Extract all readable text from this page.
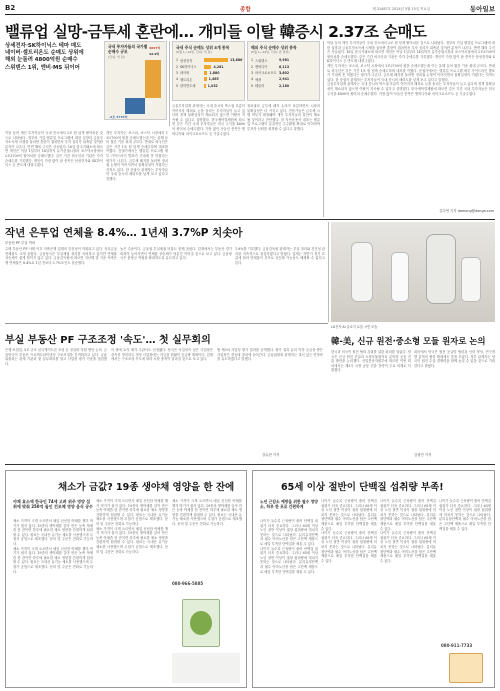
B2	종합	제 31487호 2024년 5월 15일 목요일	동아일보
밸류업 실망-금투세 혼란에… 개미들 이탈 韓증시 2.37조 순매도
상세전자·SK하이닉스 테마 매도
네이버·셀트리온도 순매도 상위에
해외 눈돌려 4800억원 순매수
스위덴스 1위, 엔비·MS 뒤이어
국내 투자자들의 국가별 순매수 규모
(단위: 억 원)
4837억
42.9억
2조
-2조 3735억
국내 주식 순매도 상위 5개 종목
(5월 1~14일, 단위: 억 원)
1 삼성전자	13,886
2 SK하이닉스	4,281
3 네이버	1,880
4 셀트리온	1,465
5 한미반도체	1,032
해외 주식 순매수 상위 종목
(5월 1~14일, 단위: 만 달러)
1 스위덴스	9,981
2 엔비디아	6,113
3 마이크로소프트 3,802
4 애플	2,941
5 테슬라	2,180

이달 들어 개인 투자자들이 국내 증시에서 2조 원 넘게 팔아치운 것으로 나타났다. 정부의 기업 밸류업 프로그램에 대한 실망과 금융투자소득세 시행을 둘러싼 혼란이 겹치면서 투자 심리가 위축된 것이란 분석이 나온다. 반면 해외 주식은 사들였다. 16일 한국거래소에 따르면 개인은 이달 1일부터 14일까지 유가증권시장과 코스닥시장에서 2조3700억 원어치를 순매도했다. 같은 기간 외국인과 기관은 각각 순매수를 기록했다. 개인이 가장 많이 판 종목은 삼성전자와 SK하이닉스 등 반도체 대형주였다.

개인 투자자는 코스피, 코스닥 시장에서 1조2700억 원을 순매도했는데 이는 올해 들어 월간 기준 최대 규모다. 반대로 외국인은 같은 기간 1조 원 넘게 순매수하며 대조를 이뤘다. 증권가에서는 밸류업 프로그램 세부 가이드라인 발표가 기대에 못 미쳤다는 평가가 나온다. 금투세 폐지를 둘러싼 정치권 논쟁이 이어지면서 불확실성이 커졌다는 지적도 있다. 한 증권사 관계자는 투자자들이 국내 증시의 매력도를 낮게 보고 있다고 말했다.

금융투자업계 관계자는 국내 증시의 박스권 흐름이 이어지자 해외로 눈을 돌리는 투자자들이 늘고 있다며 정책 불확실성이 해소되지 않으면 이탈이 지속될 수 있다고 설명했다. 한국예탁결제원에 따르면 같은 기간 국내 투자자들은 미국 주식을 4800억 원어치 순매수했다. 가장 많이 사들인 종목은 엔비디아와 마이크로소프트 등 기술주였다.

정치권의 금투세 폐지 논의가 표류하면서 시장의 불확실성은 더 커지고 있다. 전문가들은 금투세 시행 여부가 확정돼야 개인 투자자들의 불안이 해소될 것이라고 진단했다. 한 자산운용사 대표는 밸류업 프로그램이 실질적인 주주환원 확대로 이어져야 투자자 신뢰를 회복할 수 있다고 말했다.

이달 들어 개인 투자자들이 국내 증시에서 2조 원 넘게 팔아치운 것으로 나타났다. 정부의 기업 밸류업 프로그램에 대한 실망과 금융투자소득세 시행을 둘러싼 혼란이 겹치면서 투자 심리가 위축된 것이란 분석이 나온다. 반면 해외 주식은 사들였다. 16일 한국거래소에 따르면 개인은 이달 1일부터 14일까지 유가증권시장과 코스닥시장에서 2조3700억 원어치를 순매도했다. 같은 기간 외국인과 기관은 각각 순매수를 기록했다. 개인이 가장 많이 판 종목은 삼성전자와 SK하이닉스 등 반도체 대형주였다.

개인 투자자는 코스피, 코스닥 시장에서 1조2700억 원을 순매도했는데 이는 올해 들어 월간 기준 최대 규모다. 반대로 외국인은 같은 기간 1조 원 넘게 순매수하며 대조를 이뤘다. 증권가에서는 밸류업 프로그램 세부 가이드라인 발표가 기대에 못 미쳤다는 평가가 나온다. 금투세 폐지를 둘러싼 정치권 논쟁이 이어지면서 불확실성이 커졌다는 지적도 있다. 한 증권사 관계자는 투자자들이 국내 증시의 매력도를 낮게 보고 있다고 말했다.

금융투자업계 관계자는 국내 증시의 박스권 흐름이 이어지자 해외로 눈을 돌리는 투자자들이 늘고 있다며 정책 불확실성이 해소되지 않으면 이탈이 지속될 수 있다고 설명했다. 한국예탁결제원에 따르면 같은 기간 국내 투자자들은 미국 주식을 4800억 원어치 순매수했다. 가장 많이 사들인 종목은 엔비디아와 마이크로소프트 등 기술주였다.

김다연 기자 damong@donga.com
작년 은투업 연체율 8.4%… 1년새 3.7%P 치솟아
부동산 PF 부실 여파

주택 부동산 PF 사태 이후 저축은행 업계의 건전성이 악화되고 있다. 상호금융 연체율도 크게 올랐다. 금융당국은 부실채권 정리를 독려하고 있지만 연체율 상승세가 쉽게 꺾이지 않고 있다. 금융감독원에 따르면 지난해 말 기준 저축은행 연체율은 8.4%로 1년 전보다 3.7%포인트 상승했다.

높은 수준이다. 금융권 부실채권 비율도 함께 올랐다. 업계에서는 부동산 경기 회복이 늦어지면서 연체율 상승세가 당분간 이어질 것으로 보고 있다. 금융당국은 충당금 적립을 확대하도록 유도하고 있다.

1.8%를 기록했다. 금융감독원 관계자는 부실 정리와 건전성 관리를 지속적으로 점검하겠다고 밝혔다. 업계는 하반기 경기 흐름에 따라 연체율이 추가로 상승할 가능성도 배제할 수 없다고 본다.

LG전자 AI 클로이 로봇 시연 모습
부실 부동산 PF 구조조정 '속도'… 첫 실무회의

은행·보험업, 5조 규모 신디케이트론 조성 등 정상화 지원 방안 논의. 금융당국이 부동산 프로젝트파이낸싱 구조조정을 본격화하고 있다. 금융위원회는 관계 기관과 첫 실무회의를 열고 사업성 평가 기준을 점검했다.

이 밖에 토지 매각 주관사도 선정됐다. 당국은 사업성이 낮은 사업장은 신속히 정리하고 정상 사업장에는 자금을 원활히 공급할 계획이다. 업계에서는 구조조정 속도에 따라 시장 충격이 달라질 것으로 보고 있다.

협 제3차 사업성 평가 결과를 공개했다. 평가 결과 유의 이하 등급을 받은 사업장은 경공매 절차에 들어간다. 금융위원회 관계자는 질서 있는 연착륙을 유도하겠다고 말했다.

강유현 기자
韓-美, 신규 원전·중소형 모듈 원자로 논의

한국과 미국이 원전 협력 강화를 위한 회의를 열었다. 양국은 신규 원전 건설과 소형모듈원자로 분야의 공동 진출 방안을 논의했다. 산업통상자원부에 따르면 이번 회의에서는 제3국 시장 공동 진출 전략이 주요 의제로 다뤄졌다.

회의에서 양국은 원전 공급망 협력과 인력 양성, 연구개발 분야의 협력 확대에도 뜻을 모았다. 정부 관계자는 양국이 원전 수출 경쟁력을 함께 높일 수 있을 것으로 기대한다고 밝혔다.

김형민 기자
채소가 금값? 19종 생야채 영양을 한 잔에
야채 효소액 한국인 74세 고려 위주 영양 섭취에 맞춰 250억 들인 건조체 영양 음식 공수

채소 가격이 크게 오르면서 매일 신선한 야채를 챙겨 먹기가 쉽지 않다. 19종의 생야채를 갈아 만든 농축 야채즙 한 잔이면 하루에 필요한 채소 영양을 간편하게 섭취할 수 있다. 원료는 국내산 유기농 채소를 사용했으며 무첨가 공법으로 제조했다. 문의 및 주문은 전화로 가능하다.

채소 가격이 크게 오르면서 매일 신선한 야채를 챙겨 먹기가 쉽지 않다. 19종의 생야채를 갈아 만든 농축 야채즙 한 잔이면 하루에 필요한 채소 영양을 간편하게 섭취할 수 있다. 원료는 국내산 유기농 채소를 사용했으며 무첨가 공법으로 제조했다. 문의 및 주문은 전화로 가능하다.

채소 가격이 크게 오르면서 매일 신선한 야채를 챙겨 먹기가 쉽지 않다. 19종의 생야채를 갈아 만든 농축 야채즙 한 잔이면 하루에 필요한 채소 영양을 간편하게 섭취할 수 있다. 원료는 국내산 유기농 채소를 사용했으며 무첨가 공법으로 제조했다. 문의 및 주문은 전화로 가능하다.

채소 가격이 크게 오르면서 매일 신선한 야채를 챙겨 먹기가 쉽지 않다. 19종의 생야채를 갈아 만든 농축 야채즙 한 잔이면 하루에 필요한 채소 영양을 간편하게 섭취할 수 있다. 원료는 국내산 유기농 채소를 사용했으며 무첨가 공법으로 제조했다. 문의 및 주문은 전화로 가능하다.

채소 가격이 크게 오르면서 매일 신선한 야채를 챙겨 먹기가 쉽지 않다. 19종의 생야채를 갈아 만든 농축 야채즙 한 잔이면 하루에 필요한 채소 영양을 간편하게 섭취할 수 있다. 원료는 국내산 유기농 채소를 사용했으며 무첨가 공법으로 제조했다. 문의 및 주문은 전화로 가능하다.

080-966-5885
65세 이상 절반이 단백질 섭취량 부족!
노년 근감소 예방을 위한 필수 영양소, 하루 한 포로 간편하게

나이가 들수록 근육량이 줄어 단백질 섭취가 더욱 중요하다. 그러나 65세 이상 노인 절반 이상이 권장 섭취량에 미치지 못하는 것으로 나타났다. 분리유청단백과 필수 아미노산을 담은 고단백 제품으로 매일 부족한 단백질을 채울 수 있다.

나이가 들수록 근육량이 줄어 단백질 섭취가 더욱 중요하다. 그러나 65세 이상 노인 절반 이상이 권장 섭취량에 미치지 못하는 것으로 나타났다. 분리유청단백과 필수 아미노산을 담은 고단백 제품으로 매일 부족한 단백질을 채울 수 있다.

나이가 들수록 근육량이 줄어 단백질 섭취가 더욱 중요하다. 그러나 65세 이상 노인 절반 이상이 권장 섭취량에 미치지 못하는 것으로 나타났다. 분리유청단백과 필수 아미노산을 담은 고단백 제품으로 매일 부족한 단백질을 채울 수 있다.

나이가 들수록 근육량이 줄어 단백질 섭취가 더욱 중요하다. 그러나 65세 이상 노인 절반 이상이 권장 섭취량에 미치지 못하는 것으로 나타났다. 분리유청단백과 필수 아미노산을 담은 고단백 제품으로 매일 부족한 단백질을 채울 수 있다.

나이가 들수록 근육량이 줄어 단백질 섭취가 더욱 중요하다. 그러나 65세 이상 노인 절반 이상이 권장 섭취량에 미치지 못하는 것으로 나타났다. 분리유청단백과 필수 아미노산을 담은 고단백 제품으로 매일 부족한 단백질을 채울 수 있다.

나이가 들수록 근육량이 줄어 단백질 섭취가 더욱 중요하다. 그러나 65세 이상 노인 절반 이상이 권장 섭취량에 미치지 못하는 것으로 나타났다. 분리유청단백과 필수 아미노산을 담은 고단백 제품으로 매일 부족한 단백질을 채울 수 있다.

나이가 들수록 근육량이 줄어 단백질 섭취가 더욱 중요하다. 그러나 65세 이상 노인 절반 이상이 권장 섭취량에 미치지 못하는 것으로 나타났다. 분리유청단백과 필수 아미노산을 담은 고단백 제품으로 매일 부족한 단백질을 채울 수 있다.

080-911-7733
